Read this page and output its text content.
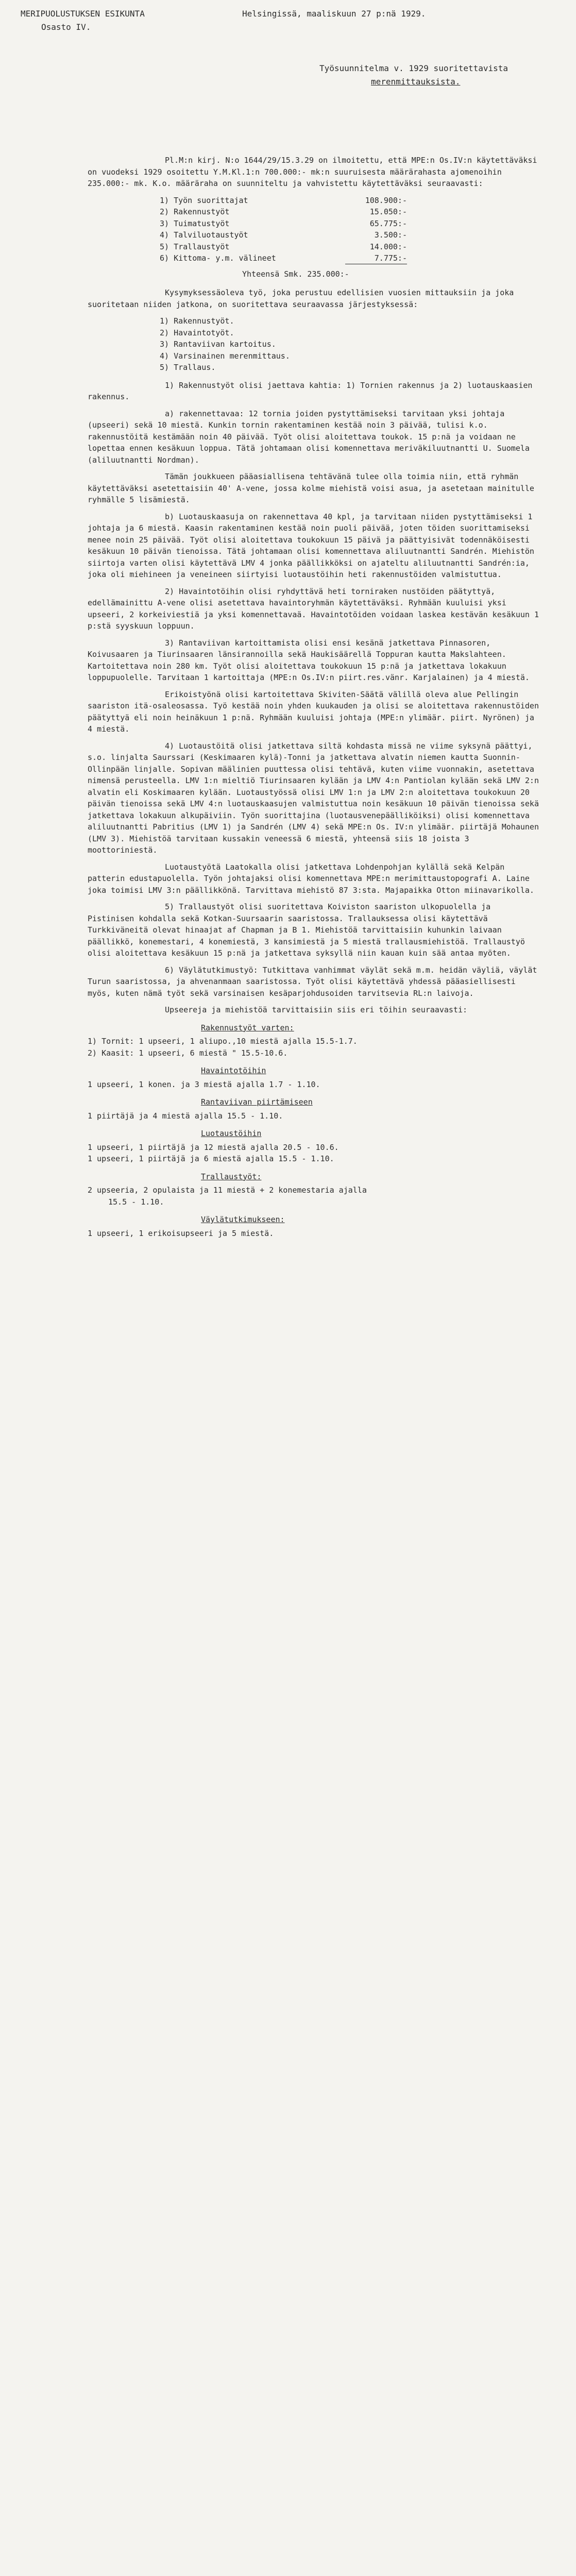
MERIPUOLUSTUKSEN ESIKUNTA
Osasto IV.
Helsingissä, maaliskuun 27 p:nä 1929.
Työsuunnitelma v. 1929 suoritettavista
merenmittauksista.

Pl.M:n kirj. N:o 1644/29/15.3.29 on ilmoitettu, että MPE:n Os.IV:n käytettäväksi on vuodeksi 1929 osoitettu Y.M.Kl.1:n 700.000:- mk:n suuruisesta määrärahasta ajomenoihin 235.000:- mk. K.o. määräraha on suunniteltu ja vahvistettu käytettäväksi seuraavasti:

1) Työn suorittajat	108.900:-
2) Rakennustyöt	15.050:-
3) Tuimatustyöt	65.775:-
4) Talviluotaustyöt	3.500:-
5) Trallaustyöt	14.000:-
6) Kittoma- y.m. välineet	7.775:-
Yhteensä Smk. 235.000:-

Kysymyksessäoleva työ, joka perustuu edellisien vuosien mittauksiin ja joka suoritetaan niiden jatkona, on suoritettava seuraavassa järjestyksessä:

1) Rakennustyöt.
2) Havaintotyöt.
3) Rantaviivan kartoitus.
4) Varsinainen merenmittaus.
5) Trallaus.

1) Rakennustyöt olisi jaettava kahtia: 1) Tornien rakennus ja 2) luotauskaasien rakennus.

a) rakennettavaa: 12 tornia joiden pystyttämiseksi tarvitaan yksi johtaja (upseeri) sekä 10 miestä. Kunkin tornin rakentaminen kestää noin 3 päivää, tulisi k.o. rakennustöitä kestämään noin 40 päivää. Työt olisi aloitettava toukok. 15 p:nä ja voidaan ne lopettaa ennen kesäkuun loppua. Tätä johtamaan olisi komennettava meriväkiluutnantti U. Suomela (aliluutnantti Nordman).

Tämän joukkueen pääasiallisena tehtävänä tulee olla toimia niin, että ryhmän käytettäväksi asetettaisiin 40' A-vene, jossa kolme miehistä voisi asua, ja asetetaan mainitulle ryhmälle 5 lisämiestä.

b) Luotauskaasuja on rakennettava 40 kpl, ja tarvitaan niiden pystyttämiseksi 1 johtaja ja 6 miestä. Kaasin rakentaminen kestää noin puoli päivää, joten töiden suorittamiseksi menee noin 25 päivää. Työt olisi aloitettava toukokuun 15 päivä ja päättyisivät todennäköisesti kesäkuun 10 päivän tienoissa. Tätä johtamaan olisi komennettava aliluutnantti Sandrén. Miehistön siirtoja varten olisi käytettävä LMV 4 jonka päällikköksi on ajateltu aliluutnantti Sandrén:ia, joka oli miehineen ja veneineen siirtyisi luotaustöihin heti rakennustöiden valmistuttua.

2) Havaintotöihin olisi ryhdyttävä heti torniraken nustöiden päätyttyä, edellämainittu A-vene olisi asetettava havaintoryhmän käytettäväksi. Ryhmään kuuluisi yksi upseeri, 2 korkeiviestiä ja yksi komennettavaä. Havaintotöiden voidaan laskea kestävän kesäkuun 1 p:stä syyskuun loppuun.

3) Rantaviivan kartoittamista olisi ensi kesänä jatkettava Pinnasoren, Koivusaaren ja Tiurinsaaren länsirannoilla sekä Haukisäärellä Toppuran kautta Makslahteen. Kartoitettava noin 280 km. Työt olisi aloitettava toukokuun 15 p:nä ja jatkettava lokakuun loppupuolelle. Tarvitaan 1 kartoittaja (MPE:n Os.IV:n piirt.res.vänr. Karjalainen) ja 4 miestä.

Erikoistyönä olisi kartoitettava Skiviten-Säätä välillä oleva alue Pellingin saariston itä-osaleosassa. Työ kestää noin yhden kuukauden ja olisi se aloitettava rakennustöiden päätyttyä eli noin heinäkuun 1 p:nä. Ryhmään kuuluisi johtaja (MPE:n ylimäär. piirt. Nyrönen) ja 4 miestä.

4) Luotaustöitä olisi jatkettava siltä kohdasta missä ne viime syksynä päättyi, s.o. linjalta Saurssari (Keskimaaren kylä)-Tonni ja jatkettava alvatin niemen kautta Suonnin-Ollinpään linjalle. Sopivan määlinien puuttessa olisi tehtävä, kuten viime vuonnakin, asetettava nimensä perusteella. LMV 1:n mieltiö Tiurinsaaren kylään ja LMV 4:n Pantiolan kylään sekä LMV 2:n alvatin eli Koskimaaren kylään. Luotaustyössä olisi LMV 1:n ja LMV 2:n aloitettava toukokuun 20 päivän tienoissa sekä LMV 4:n luotauskaasujen valmistuttua noin kesäkuun 10 päivän tienoissa sekä jatkettava lokakuun alkupäiviin. Työn suorittajina (luotausvenepäälliköiksi) olisi komennettava aliluutnantti Pabritius (LMV 1) ja Sandrén (LMV 4) sekä MPE:n Os. IV:n ylimäär. piirtäjä Mohaunen (LMV 3). Miehistöä tarvitaan kussakin veneessä 6 miestä, yhteensä siis 18 joista 3 moottoriniestä.

Luotaustyötä Laatokalla olisi jatkettava Lohdenpohjan kylällä sekä Kelpän patterin edustapuolella. Työn johtajaksi olisi komennettava MPE:n merimittaustopografi A. Laine joka toimisi LMV 3:n päällikkönä. Tarvittava miehistö 87 3:sta. Majapaikka Otton miinavarikolla.

5) Trallaustyöt olisi suoritettava Koiviston saariston ulkopuolella ja Pistinisen kohdalla sekä Kotkan-Suursaarin saaristossa. Trallauksessa olisi käytettävä Turkkiväneitä olevat hinaajat af Chapman ja B 1. Miehistöä tarvittaisiin kuhunkin laivaan päällikkö, konemestari, 4 konemiestä, 3 kansimiestä ja 5 miestä trallausmiehistöä. Trallaustyö olisi aloitettava kesäkuun 15 p:nä ja jatkettava syksyllä niin kauan kuin sää antaa myöten.

6) Väylätutkimustyö: Tutkittava vanhimmat väylät sekä m.m. heidän väyliä, väylät Turun saaristossa, ja ahvenanmaan saaristossa. Työt olisi käytettävä yhdessä pääasiellisesti myös, kuten nämä työt sekä varsinaisen kesäparjohdusoiden tarvitsevia RL:n laivoja.

Upseereja ja miehistöä tarvittaisiin siis eri töihin seuraavasti:

Rakennustyöt varten:
1) Tornit: 1 upseeri, 1 aliupo.,10 miestä ajalla 15.5-1.7.
2) Kaasit: 1 upseeri, 6 miestä " 15.5-10.6.
Havaintotöihin
1 upseeri, 1 konen. ja 3 miestä ajalla 1.7 - 1.10.
Rantaviivan piirtämiseen
1 piirtäjä ja 4 miestä ajalla 15.5 - 1.10.
Luotaustöihin
1 upseeri, 1 piirtäjä ja 12 miestä ajalla 20.5 - 10.6.
1 upseeri, 1 piirtäjä ja 6 miestä ajalla 15.5 - 1.10.
Trallaustyöt:
2 upseeria, 2 opulaista ja 11 miestä + 2 konemestaria ajalla
15.5 - 1.10.
Väylätutkimukseen:
1 upseeri, 1 erikoisupseeri ja 5 miestä.
